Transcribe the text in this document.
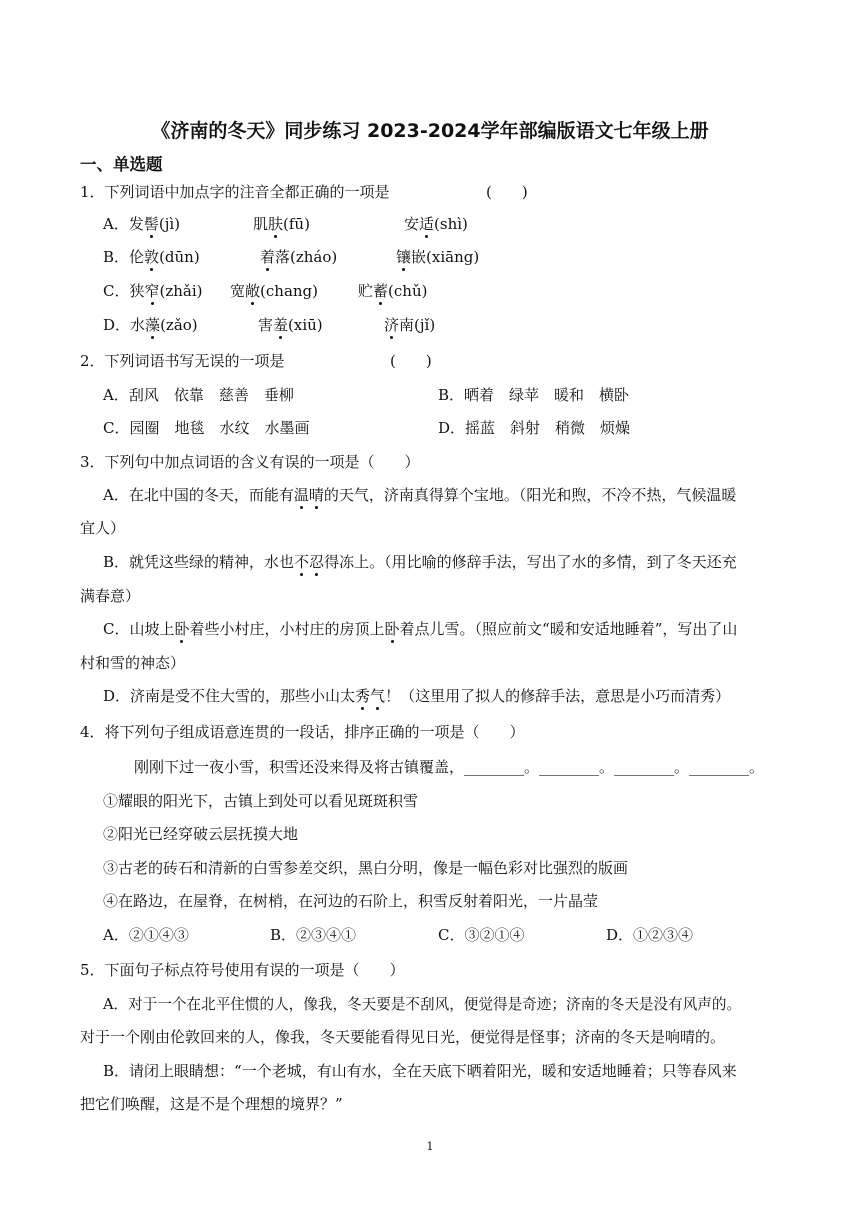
《济南的冬天》同步练习 2023-2024学年部编版语文七年级上册
一、单选题
1．下列词语中加点字的注音全都正确的一项是	(　　)
A．发髻(jì)	肌肤(fū)	安适(shì)
B．伦敦(dūn)	着落(zháo)	镶嵌(xiāng)
C．狭窄(zhǎi) 宽敞(chang)	贮蓄(chǔ)
D．水藻(zǎo)	害羞(xiū)	济南(jǐ)
2．下列词语书写无误的一项是	(　　)
A．刮风　依靠　慈善　垂柳	B．晒着　绿苹　暖和　横卧
C．园圈　地毯　水纹　水墨画	D．摇蓝　斜射　稍微　烦燥
3．下列句中加点词语的含义有误的一项是（　　）
A．在北中国的冬天，而能有温晴的天气，济南真得算个宝地。（阳光和煦，不冷不热，气候温暖
宜人）
B．就凭这些绿的精神，水也不忍得冻上。（用比喻的修辞手法，写出了水的多情，到了冬天还充
满春意）
C．山坡上卧着些小村庄，小村庄的房顶上卧着点儿雪。（照应前文“暖和安适地睡着”，写出了山
村和雪的神态）
D．济南是受不住大雪的，那些小山太秀气！（这里用了拟人的修辞手法，意思是小巧而清秀）
4．将下列句子组成语意连贯的一段话，排序正确的一项是（　　）
刚刚下过一夜小雪，积雪还没来得及将古镇覆盖，________。________。________。________。
①耀眼的阳光下，古镇上到处可以看见斑斑积雪
②阳光已经穿破云层抚摸大地
③古老的砖石和清新的白雪参差交织，黑白分明，像是一幅色彩对比强烈的版画
④在路边，在屋脊，在树梢，在河边的石阶上，积雪反射着阳光，一片晶莹
A．②①④③	B．②③④①	C．③②①④	D．①②③④
5．下面句子标点符号使用有误的一项是（　　）
A．对于一个在北平住惯的人，像我，冬天要是不刮风，便觉得是奇迹；济南的冬天是没有风声的。
对于一个刚由伦敦回来的人，像我，冬天要能看得见日光，便觉得是怪事；济南的冬天是响晴的。
B．请闭上眼睛想：“一个老城，有山有水，全在天底下晒着阳光，暖和安适地睡着；只等春风来
把它们唤醒，这是不是个理想的境界？”
1
